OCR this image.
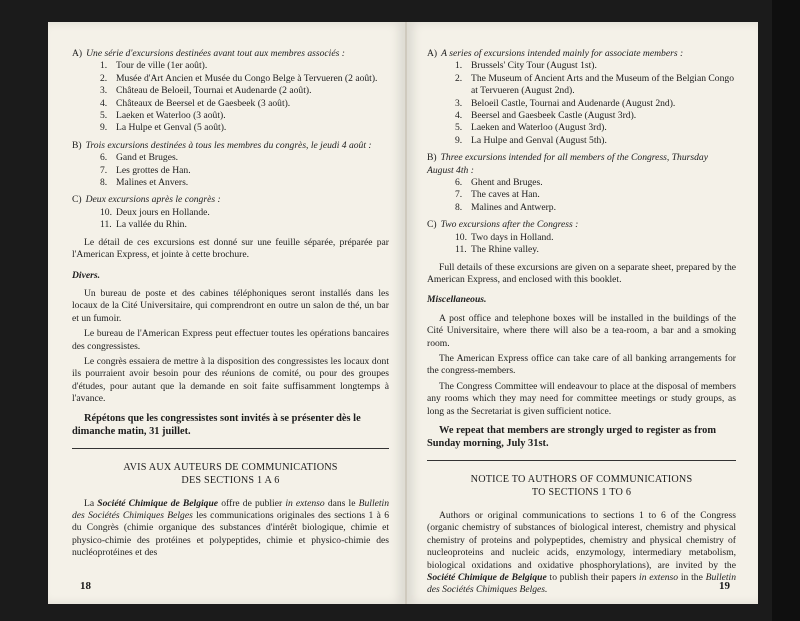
A) Une série d'excursions destinées avant tout aux membres associés :
1. Tour de ville (1er août).
2. Musée d'Art Ancien et Musée du Congo Belge à Tervueren (2 août).
3. Château de Beloeil, Tournai et Audenarde (2 août).
4. Châteaux de Beersel et de Gaesbeek (3 août).
5. Laeken et Waterloo (3 août).
9. La Hulpe et Genval (5 août).
B) Trois excursions destinées à tous les membres du congrès, le jeudi 4 août :
6. Gand et Bruges.
7. Les grottes de Han.
8. Malines et Anvers.
C) Deux excursions après le congrès :
10. Deux jours en Hollande.
11. La vallée du Rhin.

Le détail de ces excursions est donné sur une feuille séparée, préparée par l'American Express, et jointe à cette brochure.

Divers.

Un bureau de poste et des cabines téléphoniques seront installés dans les locaux de la Cité Universitaire, qui comprendront en outre un salon de thé, un bar et un fumoir.

Le bureau de l'American Express peut effectuer toutes les opérations bancaires des congressistes.

Le congrès essaiera de mettre à la disposition des congressistes les locaux dont ils pourraient avoir besoin pour des réunions de comité, ou pour des groupes d'études, pour autant que la demande en soit faite suffisamment longtemps à l'avance.

Répétons que les congressistes sont invités à se présenter dès le dimanche matin, 31 juillet.

AVIS AUX AUTEURS DE COMMUNICATIONS
DES SECTIONS 1 A 6

La Société Chimique de Belgique offre de publier in extenso dans le Bulletin des Sociétés Chimiques Belges les communications originales des sections 1 à 6 du Congrès (chimie organique des substances d'intérêt biologique, chimie et physico-chimie des protéines et polypeptides, chimie et physico-chimie des nucléoprotéines et des

18
A) A series of excursions intended mainly for associate members :
1. Brussels' City Tour (August 1st).
2. The Museum of Ancient Arts and the Museum of the Belgian Congo at Tervueren (August 2nd).
3. Beloeil Castle, Tournai and Audenarde (August 2nd).
4. Beersel and Gaesbeek Castle (August 3rd).
5. Laeken and Waterloo (August 3rd).
9. La Hulpe and Genval (August 5th).
B) Three excursions intended for all members of the Congress, Thursday August 4th :
6. Ghent and Bruges.
7. The caves at Han.
8. Malines and Antwerp.
C) Two excursions after the Congress :
10. Two days in Holland.
11. The Rhine valley.

Full details of these excursions are given on a separate sheet, prepared by the American Express, and enclosed with this booklet.

Miscellaneous.

A post office and telephone boxes will be installed in the buildings of the Cité Universitaire, where there will also be a tea-room, a bar and a smoking room.

The American Express office can take care of all banking arrangements for the congress-members.

The Congress Committee will endeavour to place at the disposal of members any rooms which they may need for committee meetings or study groups, as long as the Secretariat is given sufficient notice.

We repeat that members are strongly urged to register as from Sunday morning, July 31st.

NOTICE TO AUTHORS OF COMMUNICATIONS
TO SECTIONS 1 TO 6

Authors or original communications to sections 1 to 6 of the Congress (organic chemistry of substances of biological interest, chemistry and physical chemistry of proteins and polypeptides, chemistry and physical chemistry of nucleoproteins and nucleic acids, enzymology, intermediary metabolism, biological oxidations and oxidative phosphorylations), are invited by the Société Chimique de Belgique to publish their papers in extenso in the Bulletin des Sociétés Chimiques Belges.	19
